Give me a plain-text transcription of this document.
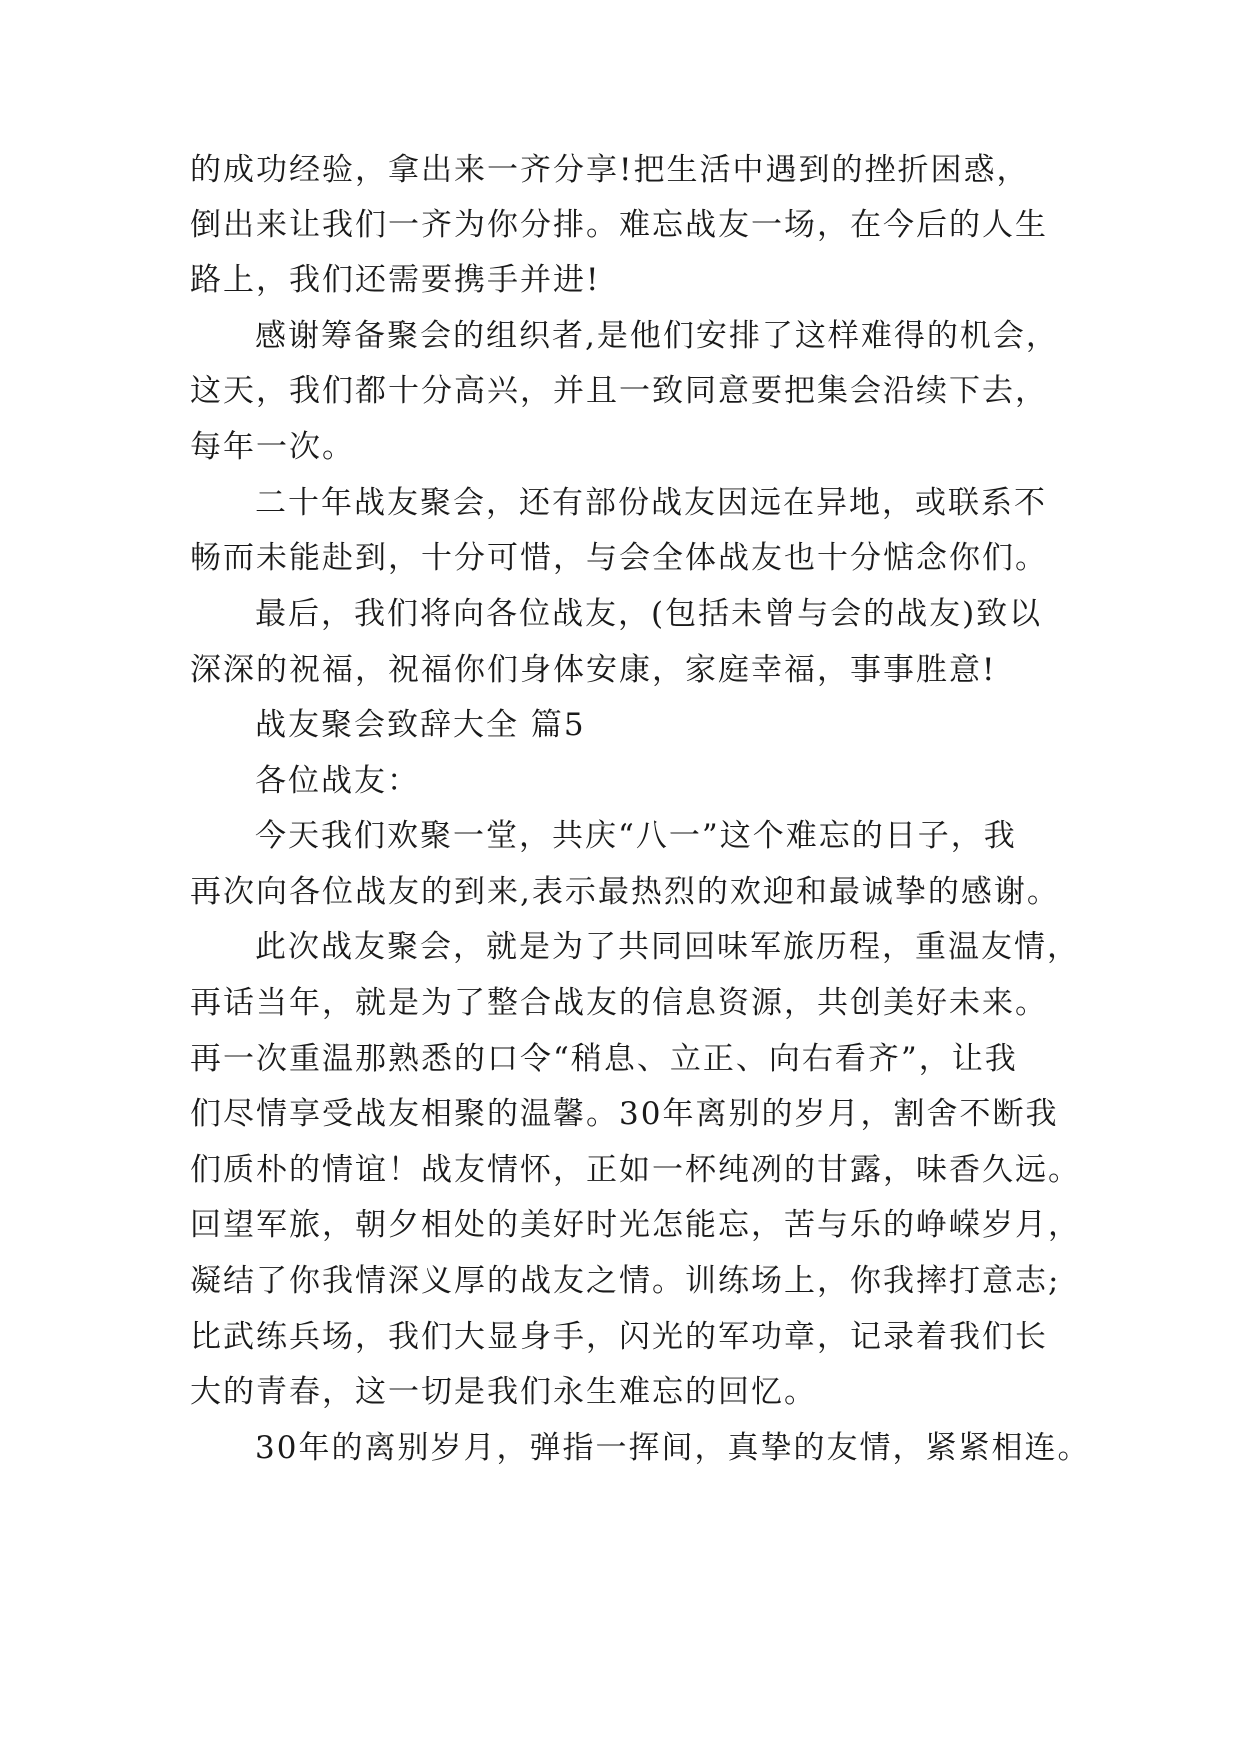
的成功经验，拿出来一齐分享!把生活中遇到的挫折困惑，
倒出来让我们一齐为你分排。难忘战友一场，在今后的人生
路上，我们还需要携手并进!
感谢筹备聚会的组织者,是他们安排了这样难得的机会，
这天，我们都十分高兴，并且一致同意要把集会沿续下去，
每年一次。
二十年战友聚会，还有部份战友因远在异地，或联系不
畅而未能赴到，十分可惜，与会全体战友也十分惦念你们。
最后，我们将向各位战友，(包括未曾与会的战友)致以
深深的祝福，祝福你们身体安康，家庭幸福，事事胜意!
战友聚会致辞大全 篇5
各位战友：
今天我们欢聚一堂，共庆“八一”这个难忘的日子，我
再次向各位战友的到来,表示最热烈的欢迎和最诚挚的感谢。
此次战友聚会，就是为了共同回味军旅历程，重温友情，
再话当年，就是为了整合战友的信息资源，共创美好未来。
再一次重温那熟悉的口令“稍息、立正、向右看齐”，让我
们尽情享受战友相聚的温馨。30年离别的岁月，割舍不断我
们质朴的情谊！战友情怀，正如一杯纯冽的甘露，味香久远。
回望军旅，朝夕相处的美好时光怎能忘，苦与乐的峥嵘岁月，
凝结了你我情深义厚的战友之情。训练场上，你我摔打意志;
比武练兵场，我们大显身手，闪光的军功章，记录着我们长
大的青春，这一切是我们永生难忘的回忆。
30年的离别岁月，弹指一挥间，真挚的友情，紧紧相连。
